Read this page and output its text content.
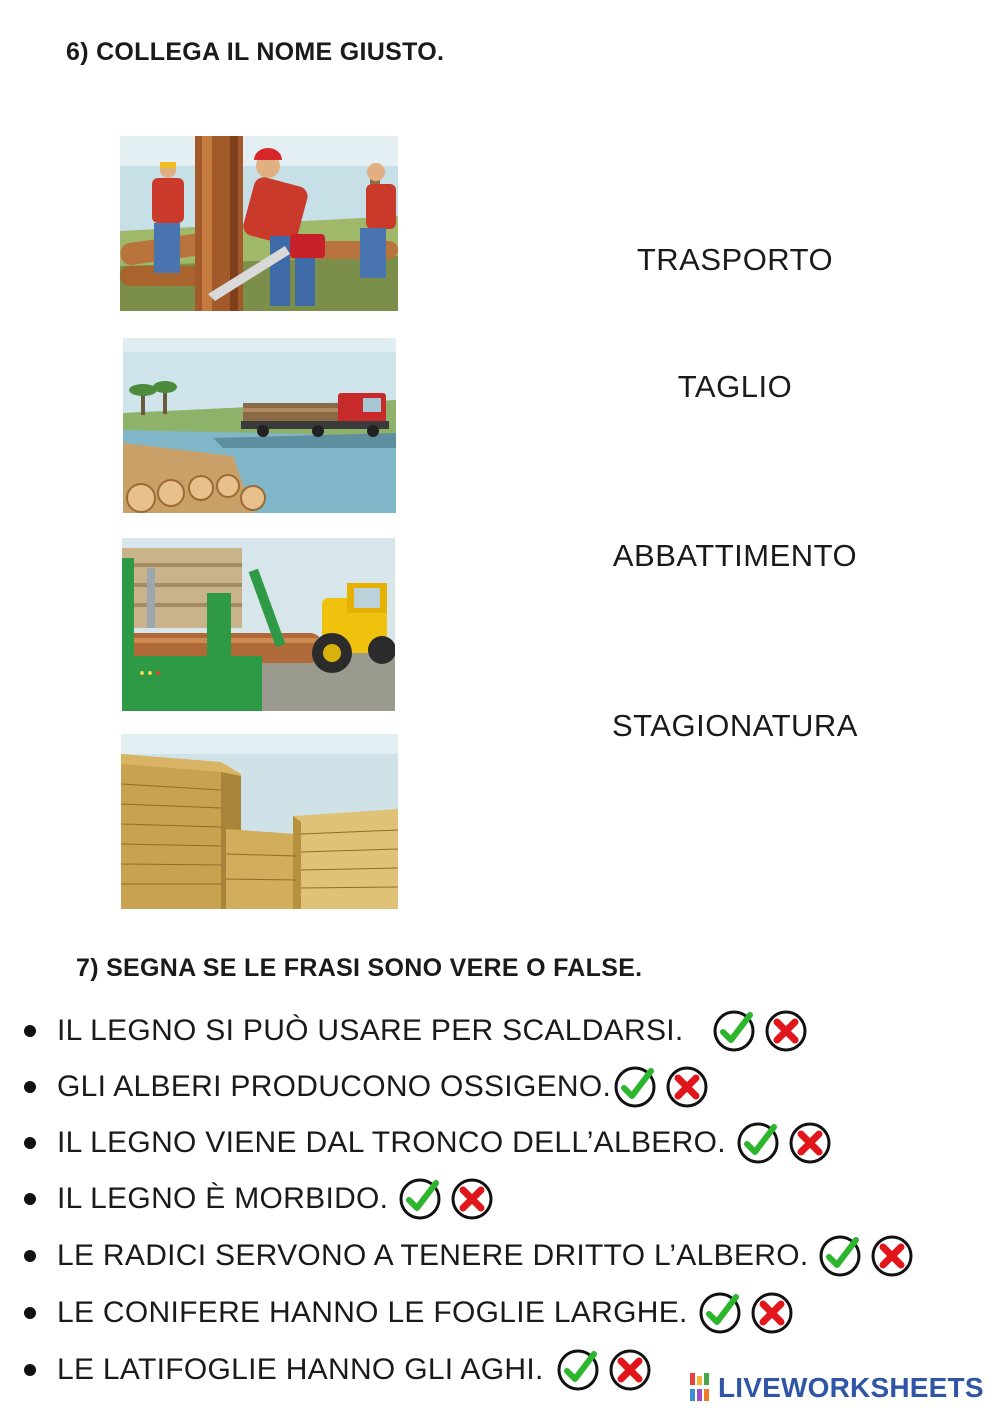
6) COLLEGA IL NOME GIUSTO.
TRASPORTO
TAGLIO
ABBATTIMENTO
STAGIONATURA
7) SEGNA SE LE FRASI SONO VERE O FALSE.
IL LEGNO SI PUÒ USARE PER SCALDARSI.
GLI ALBERI PRODUCONO OSSIGENO.
IL LEGNO VIENE DAL TRONCO DELL’ALBERO.
IL LEGNO È MORBIDO.
LE RADICI SERVONO A TENERE DRITTO L’ALBERO.
LE CONIFERE HANNO LE FOGLIE LARGHE.
LE LATIFOGLIE HANNO GLI AGHI.
LIVEWORKSHEETS
